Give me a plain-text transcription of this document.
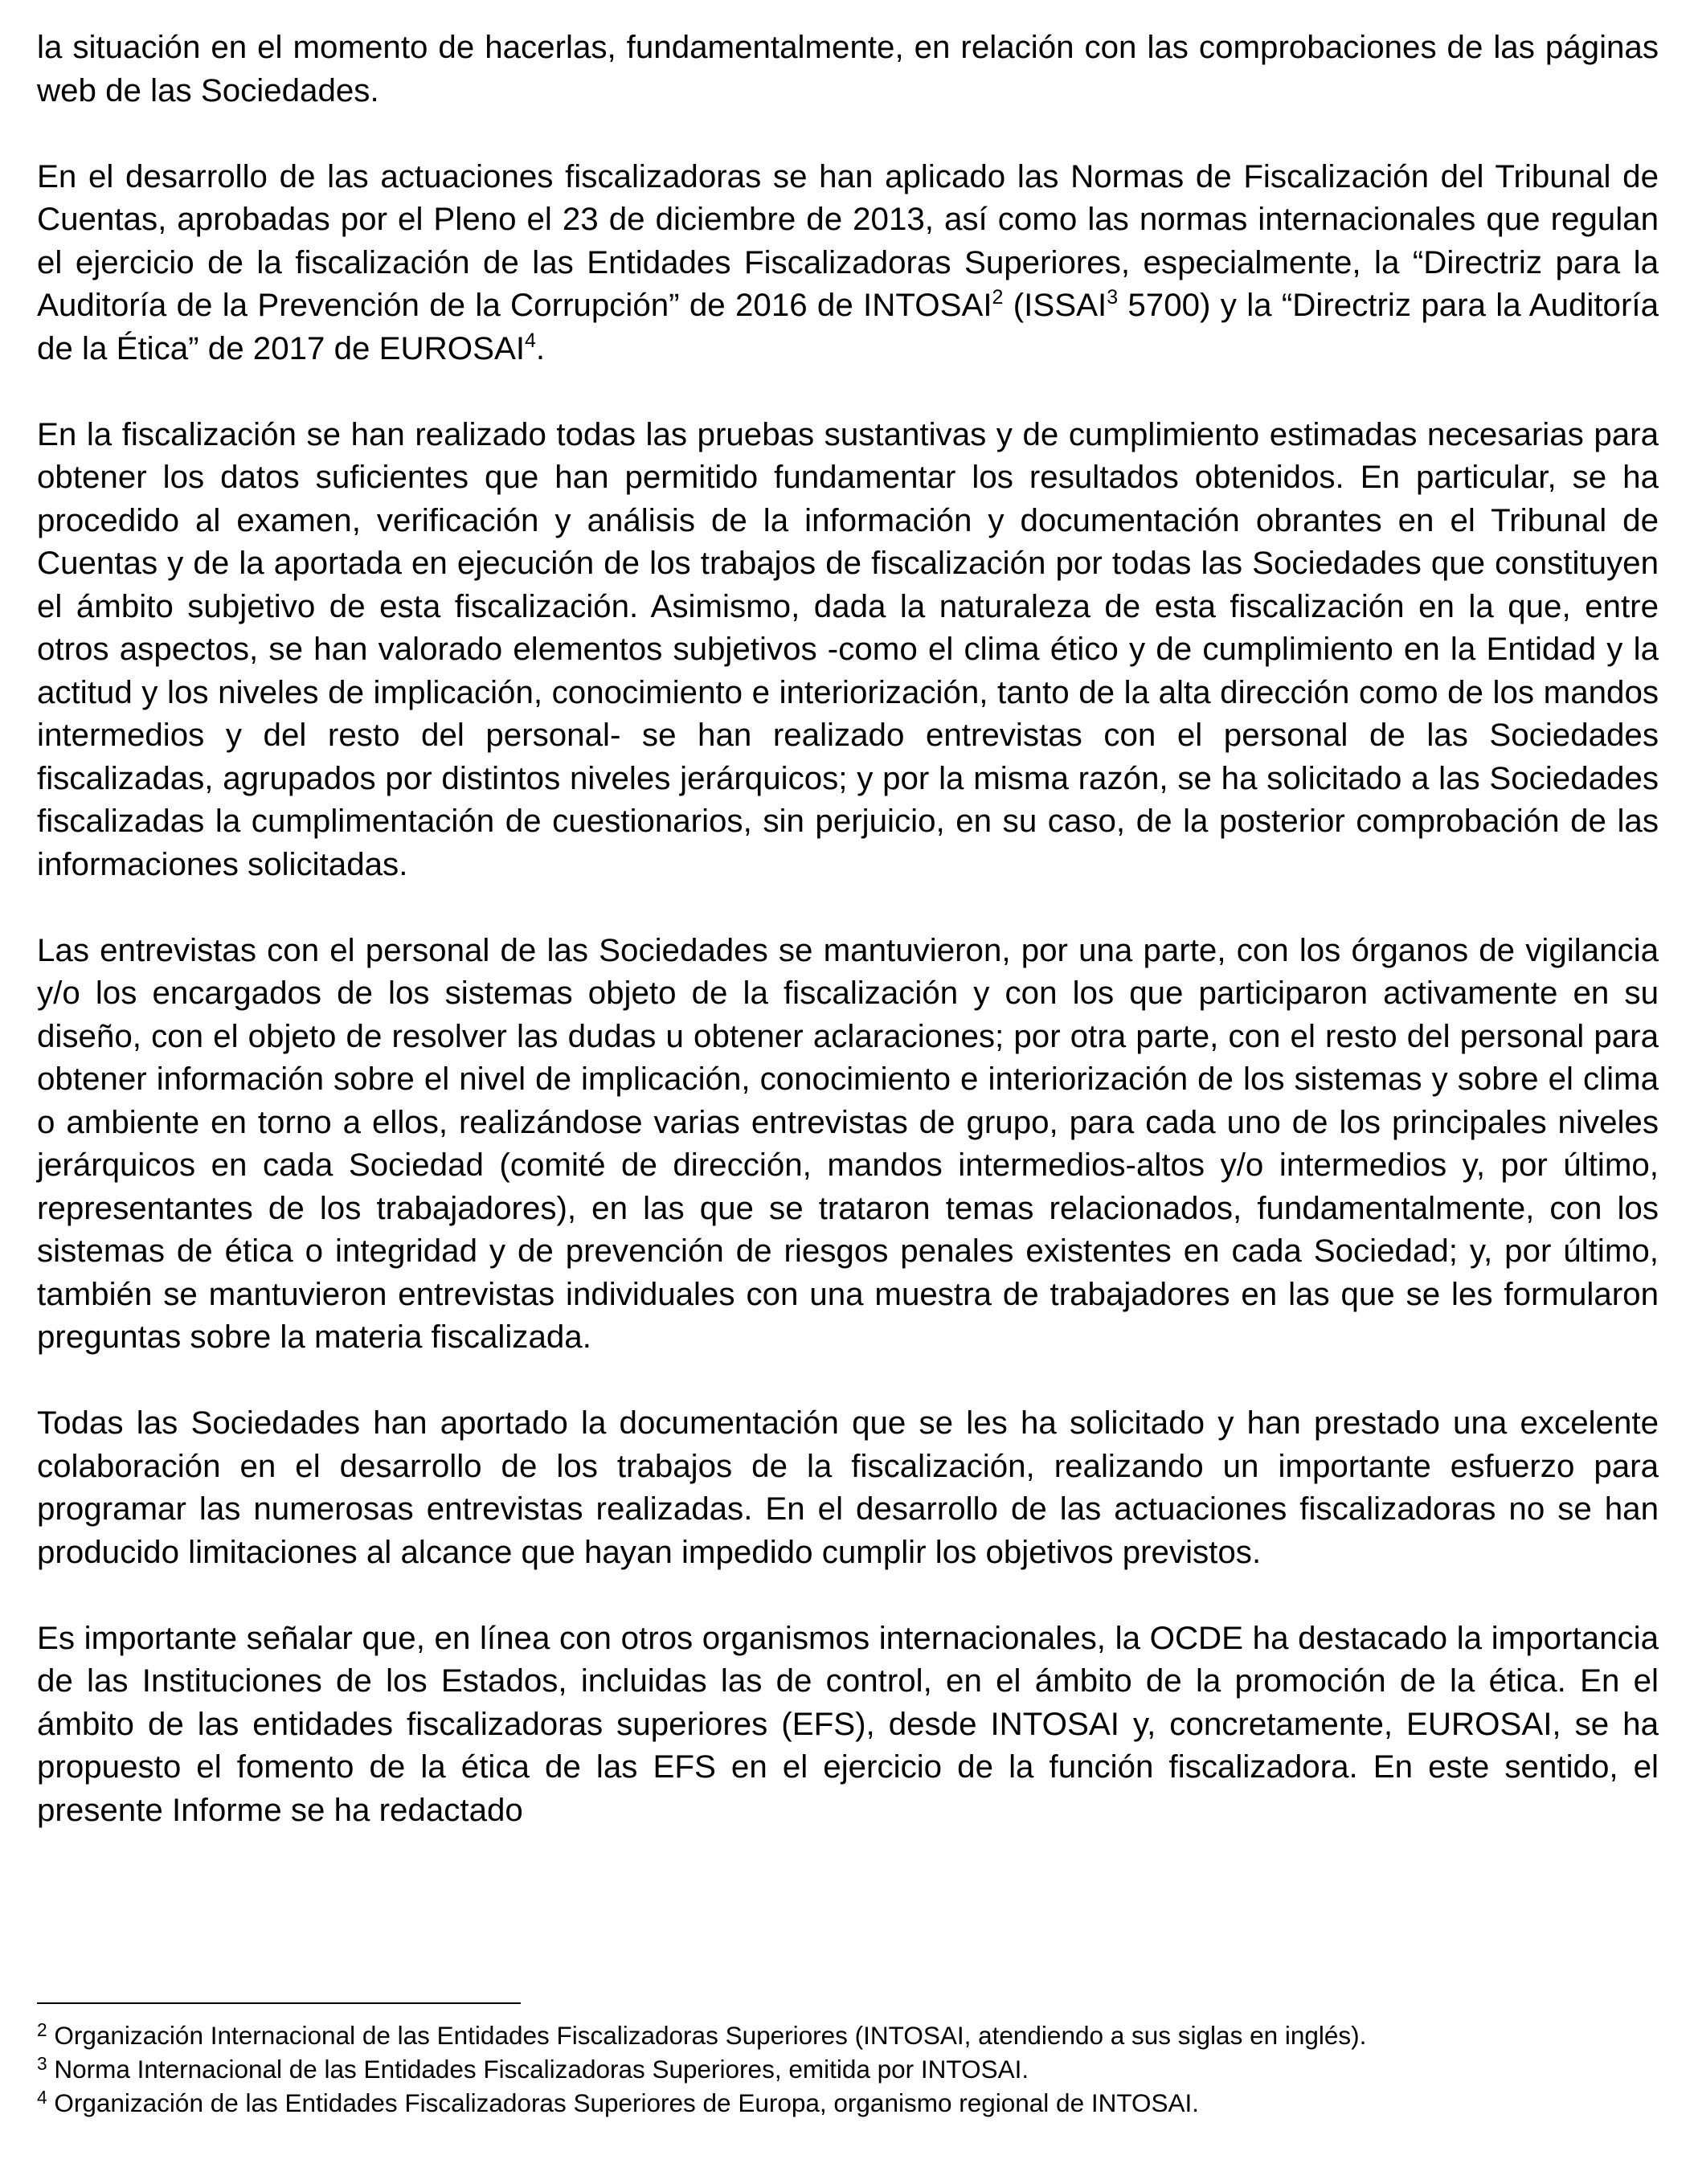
la situación en el momento de hacerlas, fundamentalmente, en relación con las comprobaciones de las páginas web de las Sociedades.

En el desarrollo de las actuaciones fiscalizadoras se han aplicado las Normas de Fiscalización del Tribunal de Cuentas, aprobadas por el Pleno el 23 de diciembre de 2013, así como las normas internacionales que regulan el ejercicio de la fiscalización de las Entidades Fiscalizadoras Superiores, especialmente, la “Directriz para la Auditoría de la Prevención de la Corrupción” de 2016 de INTOSAI$^2$ (ISSAI$^3$ 5700) y la “Directriz para la Auditoría de la Ética” de 2017 de EUROSAI$^4$.

En la fiscalización se han realizado todas las pruebas sustantivas y de cumplimiento estimadas necesarias para obtener los datos suficientes que han permitido fundamentar los resultados obtenidos. En particular, se ha procedido al examen, verificación y análisis de la información y documentación obrantes en el Tribunal de Cuentas y de la aportada en ejecución de los trabajos de fiscalización por todas las Sociedades que constituyen el ámbito subjetivo de esta fiscalización. Asimismo, dada la naturaleza de esta fiscalización en la que, entre otros aspectos, se han valorado elementos subjetivos -como el clima ético y de cumplimiento en la Entidad y la actitud y los niveles de implicación, conocimiento e interiorización, tanto de la alta dirección como de los mandos intermedios y del resto del personal- se han realizado entrevistas con el personal de las Sociedades fiscalizadas, agrupados por distintos niveles jerárquicos; y por la misma razón, se ha solicitado a las Sociedades fiscalizadas la cumplimentación de cuestionarios, sin perjuicio, en su caso, de la posterior comprobación de las informaciones solicitadas.

Las entrevistas con el personal de las Sociedades se mantuvieron, por una parte, con los órganos de vigilancia y/o los encargados de los sistemas objeto de la fiscalización y con los que participaron activamente en su diseño, con el objeto de resolver las dudas u obtener aclaraciones; por otra parte, con el resto del personal para obtener información sobre el nivel de implicación, conocimiento e interiorización de los sistemas y sobre el clima o ambiente en torno a ellos, realizándose varias entrevistas de grupo, para cada uno de los principales niveles jerárquicos en cada Sociedad (comité de dirección, mandos intermedios-altos y/o intermedios y, por último, representantes de los trabajadores), en las que se trataron temas relacionados, fundamentalmente, con los sistemas de ética o integridad y de prevención de riesgos penales existentes en cada Sociedad; y, por último, también se mantuvieron entrevistas individuales con una muestra de trabajadores en las que se les formularon preguntas sobre la materia fiscalizada.

Todas las Sociedades han aportado la documentación que se les ha solicitado y han prestado una excelente colaboración en el desarrollo de los trabajos de la fiscalización, realizando un importante esfuerzo para programar las numerosas entrevistas realizadas. En el desarrollo de las actuaciones fiscalizadoras no se han producido limitaciones al alcance que hayan impedido cumplir los objetivos previstos.

Es importante señalar que, en línea con otros organismos internacionales, la OCDE ha destacado la importancia de las Instituciones de los Estados, incluidas las de control, en el ámbito de la promoción de la ética. En el ámbito de las entidades fiscalizadoras superiores (EFS), desde INTOSAI y, concretamente, EUROSAI, se ha propuesto el fomento de la ética de las EFS en el ejercicio de la función fiscalizadora. En este sentido, el presente Informe se ha redactado

$^2$ Organización Internacional de las Entidades Fiscalizadoras Superiores (INTOSAI, atendiendo a sus siglas en inglés).
$^3$ Norma Internacional de las Entidades Fiscalizadoras Superiores, emitida por INTOSAI.
$^4$ Organización de las Entidades Fiscalizadoras Superiores de Europa, organismo regional de INTOSAI.
